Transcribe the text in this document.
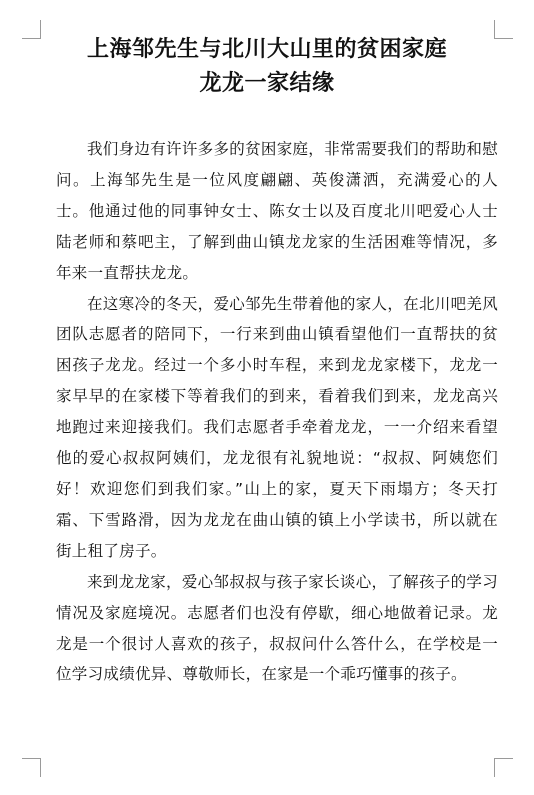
上海邹先生与北川大山里的贫困家庭
龙龙一家结缘

我们身边有许许多多的贫困家庭，非常需要我们的帮助和慰问。上海邹先生是一位风度翩翩、英俊潇洒，充满爱心的人士。他通过他的同事钟女士、陈女士以及百度北川吧爱心人士陆老师和蔡吧主，了解到曲山镇龙龙家的生活困难等情况，多年来一直帮扶龙龙。

在这寒冷的冬天，爱心邹先生带着他的家人，在北川吧羌风团队志愿者的陪同下，一行来到曲山镇看望他们一直帮扶的贫困孩子龙龙。经过一个多小时车程，来到龙龙家楼下，龙龙一家早早的在家楼下等着我们的到来，看着我们到来，龙龙高兴地跑过来迎接我们。我们志愿者手牵着龙龙，一一介绍来看望他的爱心叔叔阿姨们，龙龙很有礼貌地说：“叔叔、阿姨您们好！欢迎您们到我们家。”山上的家，夏天下雨塌方；冬天打霜、下雪路滑，因为龙龙在曲山镇的镇上小学读书，所以就在街上租了房子。

来到龙龙家，爱心邹叔叔与孩子家长谈心，了解孩子的学习情况及家庭境况。志愿者们也没有停歇，细心地做着记录。龙龙是一个很讨人喜欢的孩子，叔叔问什么答什么，在学校是一位学习成绩优异、尊敬师长，在家是一个乖巧懂事的孩子。
